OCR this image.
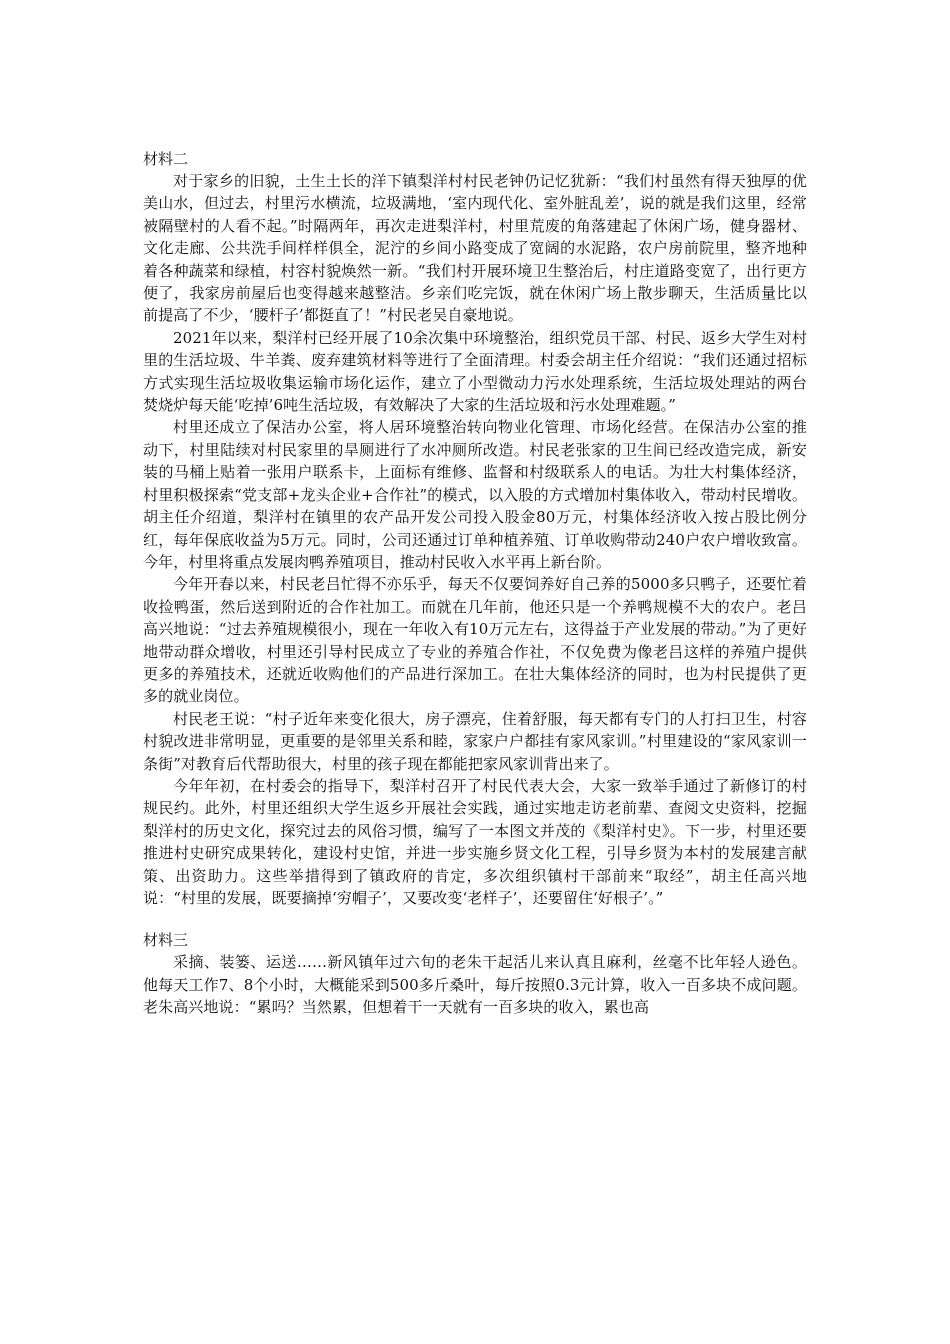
材料二

对于家乡的旧貌，土生土长的洋下镇梨洋村村民老钟仍记忆犹新：“我们村虽然有得天独厚的优美山水，但过去，村里污水横流，垃圾满地，‘室内现代化、室外脏乱差’，说的就是我们这里，经常被隔壁村的人看不起。”时隔两年，再次走进梨洋村，村里荒废的角落建起了休闲广场，健身器材、文化走廊、公共洗手间样样俱全，泥泞的乡间小路变成了宽阔的水泥路，农户房前院里，整齐地种着各种蔬菜和绿植，村容村貌焕然一新。“我们村开展环境卫生整治后，村庄道路变宽了，出行更方便了，我家房前屋后也变得越来越整洁。乡亲们吃完饭，就在休闲广场上散步聊天，生活质量比以前提高了不少，‘腰杆子’都挺直了！”村民老吴自豪地说。

2021年以来，梨洋村已经开展了10余次集中环境整治，组织党员干部、村民、返乡大学生对村里的生活垃圾、牛羊粪、废弃建筑材料等进行了全面清理。村委会胡主任介绍说：“我们还通过招标方式实现生活垃圾收集运输市场化运作，建立了小型微动力污水处理系统，生活垃圾处理站的两台焚烧炉每天能‘吃掉’6吨生活垃圾，有效解决了大家的生活垃圾和污水处理难题。”

村里还成立了保洁办公室，将人居环境整治转向物业化管理、市场化经营。在保洁办公室的推动下，村里陆续对村民家里的旱厕进行了水冲厕所改造。村民老张家的卫生间已经改造完成，新安装的马桶上贴着一张用户联系卡，上面标有维修、监督和村级联系人的电话。为壮大村集体经济，村里积极探索“党支部+龙头企业+合作社”的模式，以入股的方式增加村集体收入，带动村民增收。胡主任介绍道，梨洋村在镇里的农产品开发公司投入股金80万元，村集体经济收入按占股比例分红，每年保底收益为5万元。同时，公司还通过订单种植养殖、订单收购带动240户农户增收致富。今年，村里将重点发展肉鸭养殖项目，推动村民收入水平再上新台阶。

今年开春以来，村民老吕忙得不亦乐乎，每天不仅要饲养好自己养的5000多只鸭子，还要忙着收捡鸭蛋，然后送到附近的合作社加工。而就在几年前，他还只是一个养鸭规模不大的农户。老吕高兴地说：“过去养殖规模很小，现在一年收入有10万元左右，这得益于产业发展的带动。”为了更好地带动群众增收，村里还引导村民成立了专业的养殖合作社，不仅免费为像老吕这样的养殖户提供更多的养殖技术，还就近收购他们的产品进行深加工。在壮大集体经济的同时，也为村民提供了更多的就业岗位。

村民老王说：“村子近年来变化很大，房子漂亮，住着舒服，每天都有专门的人打扫卫生，村容村貌改进非常明显，更重要的是邻里关系和睦，家家户户都挂有家风家训。”村里建设的“家风家训一条街”对教育后代帮助很大，村里的孩子现在都能把家风家训背出来了。

今年年初，在村委会的指导下，梨洋村召开了村民代表大会，大家一致举手通过了新修订的村规民约。此外，村里还组织大学生返乡开展社会实践，通过实地走访老前辈、查阅文史资料，挖掘梨洋村的历史文化，探究过去的风俗习惯，编写了一本图文并茂的《梨洋村史》。下一步，村里还要推进村史研究成果转化，建设村史馆，并进一步实施乡贤文化工程，引导乡贤为本村的发展建言献策、出资助力。这些举措得到了镇政府的肯定，多次组织镇村干部前来“取经”，胡主任高兴地说：“村里的发展，既要摘掉‘穷帽子’，又要改变‘老样子’，还要留住‘好根子’。”

材料三

采摘、装篓、运送……新风镇年过六旬的老朱干起活儿来认真且麻利，丝毫不比年轻人逊色。他每天工作7、8个小时，大概能采到500多斤桑叶，每斤按照0.3元计算，收入一百多块不成问题。老朱高兴地说：“累吗？当然累，但想着干一天就有一百多块的收入，累也高
